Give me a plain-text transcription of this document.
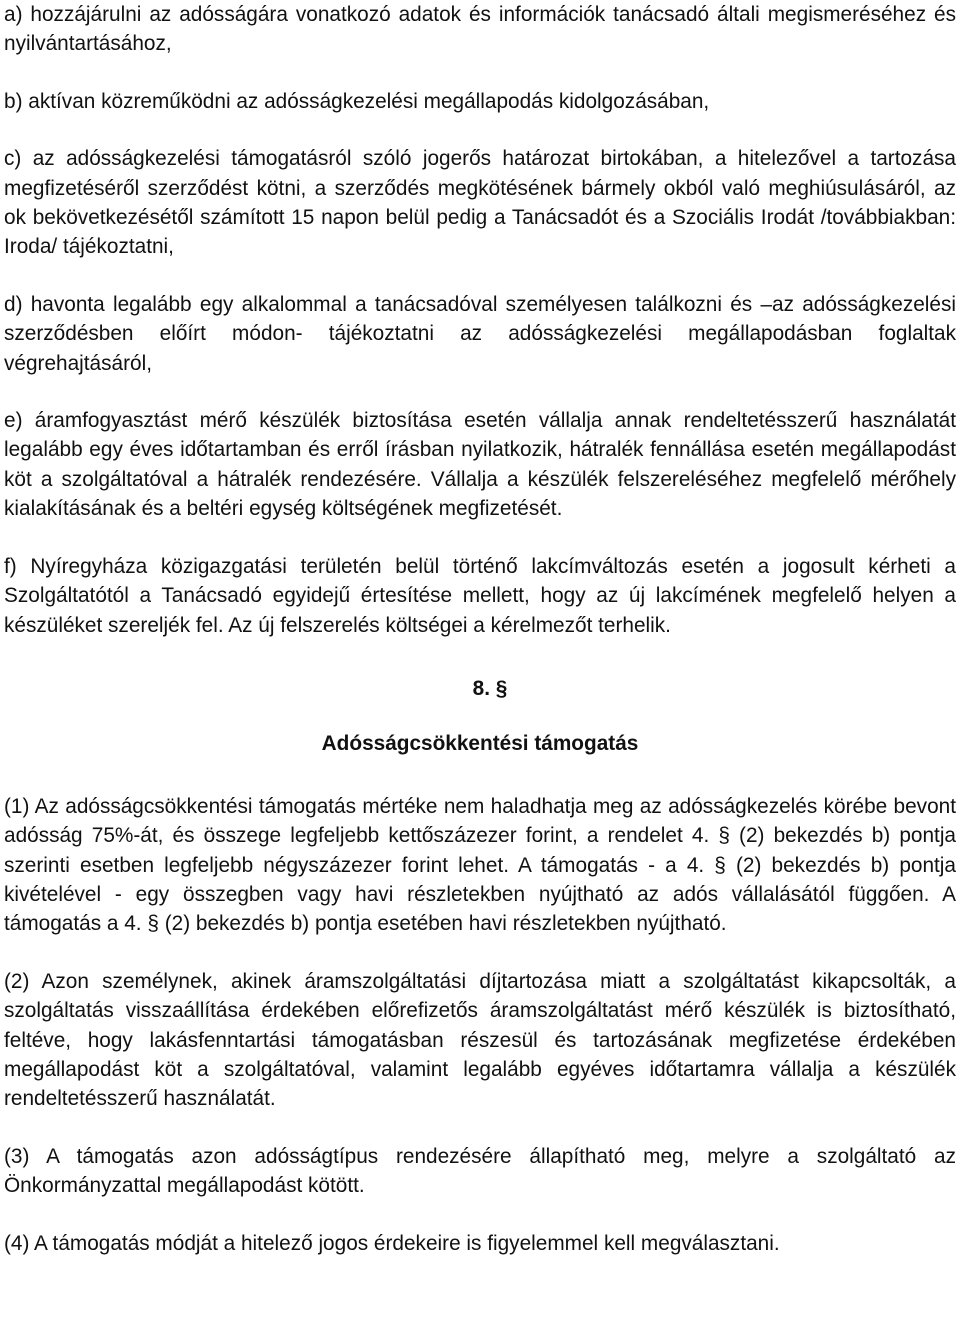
a) hozzájárulni az adósságára vonatkozó adatok és információk tanácsadó általi megismeréséhez és nyilvántartásához,

b) aktívan közreműködni az adósságkezelési megállapodás kidolgozásában,

c) az adósságkezelési támogatásról szóló jogerős határozat birtokában, a hitelezővel a tartozása megfizetéséről szerződést kötni, a szerződés megkötésének bármely okból való meghiúsulásáról, az ok bekövetkezésétől számított 15 napon belül pedig a Tanácsadót és a Szociális Irodát /továbbiakban: Iroda/ tájékoztatni,

d) havonta legalább egy alkalommal a tanácsadóval személyesen találkozni és –az adósságkezelési szerződésben előírt módon- tájékoztatni az adósságkezelési megállapodásban foglaltak végrehajtásáról,

e) áramfogyasztást mérő készülék biztosítása esetén vállalja annak rendeltetésszerű használatát legalább egy éves időtartamban és erről írásban nyilatkozik, hátralék fennállása esetén megállapodást köt a szolgáltatóval a hátralék rendezésére. Vállalja a készülék felszereléséhez megfelelő mérőhely kialakításának és a beltéri egység költségének megfizetését.

f) Nyíregyháza közigazgatási területén belül történő lakcímváltozás esetén a jogosult kérheti a Szolgáltatótól a Tanácsadó egyidejű értesítése mellett, hogy az új lakcímének megfelelő helyen a készüléket szereljék fel. Az új felszerelés költségei a kérelmezőt terhelik.

8. §

Adósságcsökkentési támogatás

(1) Az adósságcsökkentési támogatás mértéke nem haladhatja meg az adósságkezelés körébe bevont adósság 75%-át, és összege legfeljebb kettőszázezer forint, a rendelet 4. § (2) bekezdés b) pontja szerinti esetben legfeljebb négyszázezer forint lehet. A támogatás - a 4. § (2) bekezdés b) pontja kivételével - egy összegben vagy havi részletekben nyújtható az adós vállalásától függően. A támogatás a 4. § (2) bekezdés b) pontja esetében havi részletekben nyújtható.

(2) Azon személynek, akinek áramszolgáltatási díjtartozása miatt a szolgáltatást kikapcsolták, a szolgáltatás visszaállítása érdekében előrefizetős áramszolgáltatást mérő készülék is biztosítható, feltéve, hogy lakásfenntartási támogatásban részesül és tartozásának megfizetése érdekében megállapodást köt a szolgáltatóval, valamint legalább egyéves időtartamra vállalja a készülék rendeltetésszerű használatát.

(3) A támogatás azon adósságtípus rendezésére állapítható meg, melyre a szolgáltató az Önkormányzattal megállapodást kötött.

(4) A támogatás módját a hitelező jogos érdekeire is figyelemmel kell megválasztani.
